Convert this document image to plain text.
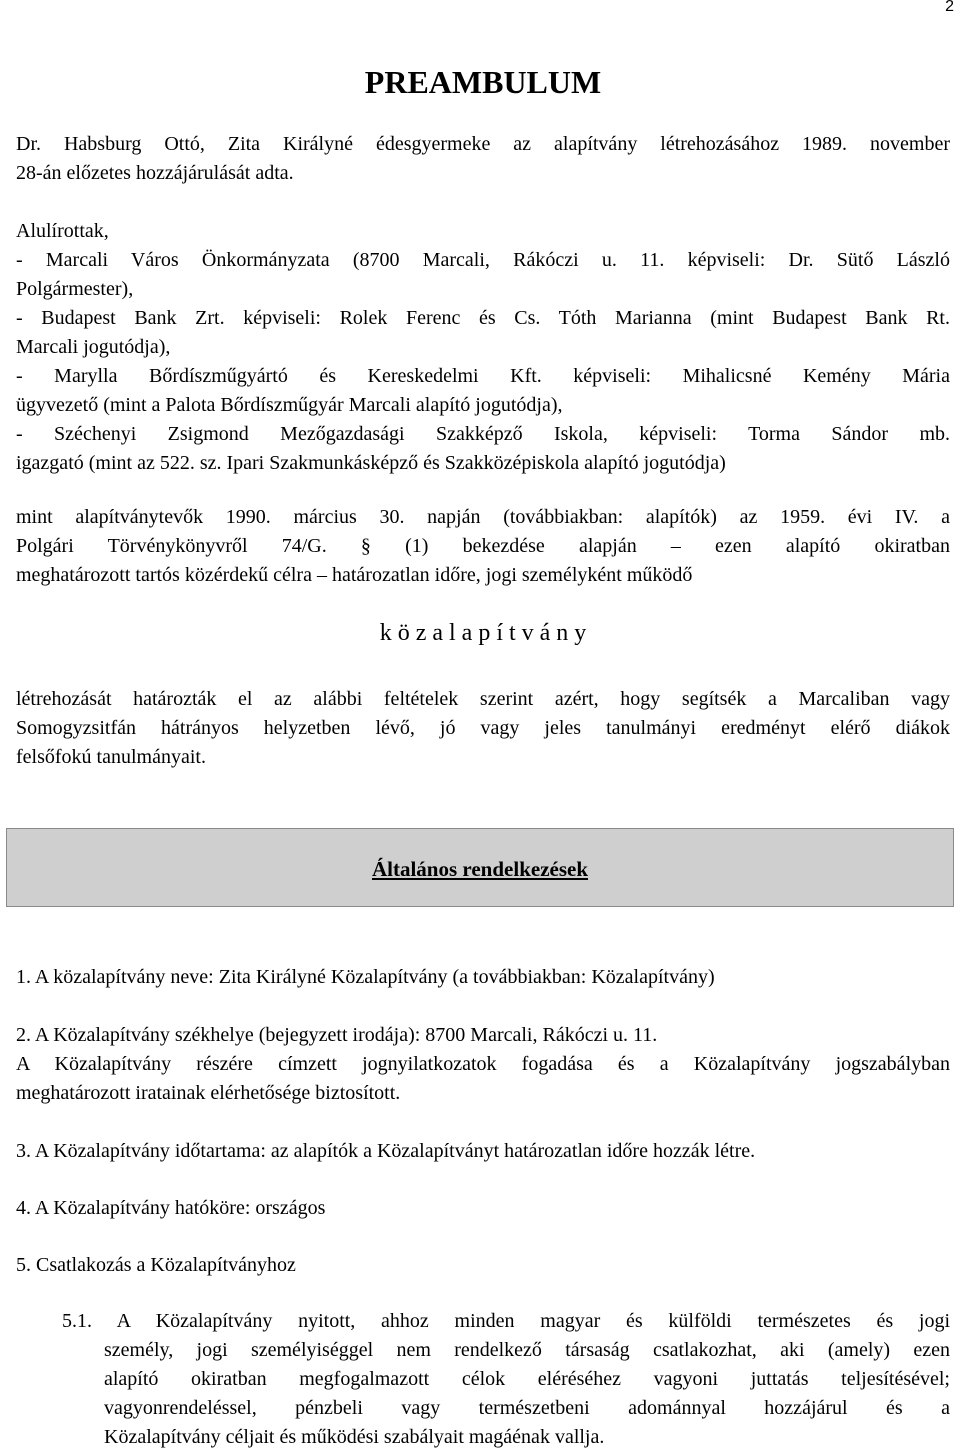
2
PREAMBULUM
Dr. Habsburg Ottó, Zita Királyné édesgyermeke az alapítvány létrehozásához 1989. november
28-án előzetes hozzájárulását adta.
Alulírottak,
- Marcali Város Önkormányzata (8700 Marcali, Rákóczi u. 11. képviseli: Dr. Sütő László
Polgármester),
- Budapest Bank Zrt. képviseli: Rolek Ferenc és Cs. Tóth Marianna (mint Budapest Bank Rt.
Marcali jogutódja),
- Marylla Bőrdíszműgyártó és Kereskedelmi Kft. képviseli: Mihalicsné Kemény Mária
ügyvezető (mint a Palota Bőrdíszműgyár Marcali alapító jogutódja),
- Széchenyi Zsigmond Mezőgazdasági Szakképző Iskola, képviseli: Torma Sándor mb.
igazgató (mint az 522. sz. Ipari Szakmunkásképző és Szakközépiskola alapító jogutódja)
mint alapítványtevők 1990. március 30. napján (továbbiakban: alapítók) az 1959. évi IV. a
Polgári Törvénykönyvről 74/G. § (1) bekezdése alapján – ezen alapító okiratban
meghatározott tartós közérdekű célra – határozatlan időre, jogi személyként működő
k ö z a l a p í t v á n y
létrehozását határozták el az alábbi feltételek szerint azért, hogy segítsék a Marcaliban vagy
Somogyzsitfán hátrányos helyzetben lévő, jó vagy jeles tanulmányi eredményt elérő diákok
felsőfokú tanulmányait.
Általános rendelkezések
1. A közalapítvány neve: Zita Királyné Közalapítvány (a továbbiakban: Közalapítvány)
2. A Közalapítvány székhelye (bejegyzett irodája): 8700 Marcali, Rákóczi u. 11.
A Közalapítvány részére címzett jognyilatkozatok fogadása és a Közalapítvány jogszabályban
meghatározott iratainak elérhetősége biztosított.
3. A Közalapítvány időtartama: az alapítók a Közalapítványt határozatlan időre hozzák létre.
4. A Közalapítvány hatóköre: országos
5. Csatlakozás a Közalapítványhoz
5.1. A Közalapítvány nyitott, ahhoz minden magyar és külföldi természetes és jogi
személy, jogi személyiséggel nem rendelkező társaság csatlakozhat, aki (amely) ezen
alapító okiratban megfogalmazott célok eléréséhez vagyoni juttatás teljesítésével;
vagyonrendeléssel, pénzbeli vagy természetbeni adománnyal hozzájárul és a
Közalapítvány céljait és működési szabályait magáénak vallja.
